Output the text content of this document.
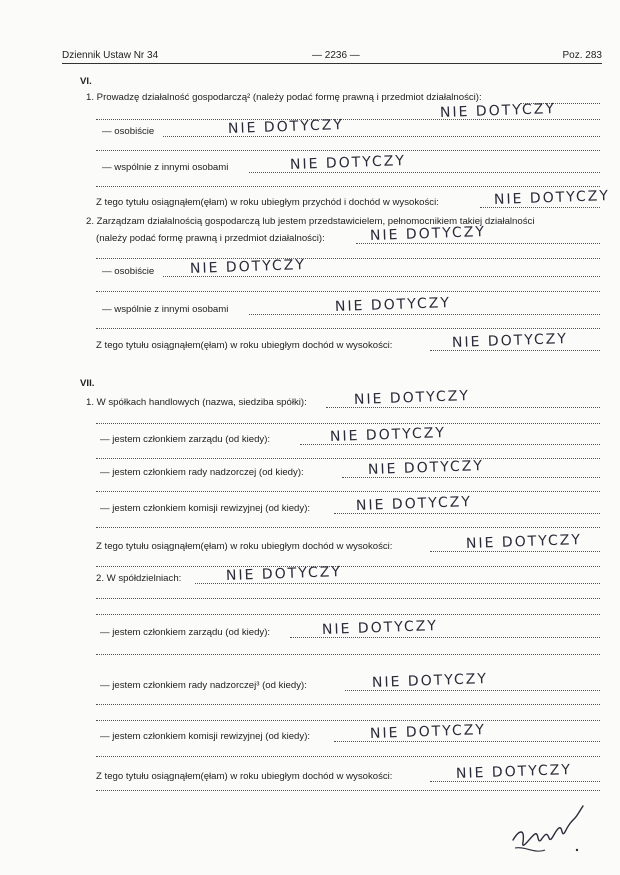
Dziennik Ustaw Nr 34	— 2236 —	Poz. 283
VI.
1. Prowadzę działalność gospodarczą² (należy podać formę prawną i przedmiot działalności):
NIE DOTYCZY
— osobiście	NIE DOTYCZY
— wspólnie z innymi osobami	NIE DOTYCZY
Z tego tytułu osiągnąłem(ęłam) w roku ubiegłym przychód i dochód w wysokości:	NIE DOTYCZY
2. Zarządzam działalnością gospodarczą lub jestem przedstawicielem, pełnomocnikiem takiej działalności
(należy podać formę prawną i przedmiot działalności):	NIE DOTYCZY
— osobiście	NIE DOTYCZY
— wspólnie z innymi osobami	NIE DOTYCZY
Z tego tytułu osiągnąłem(ęłam) w roku ubiegłym dochód w wysokości:	NIE DOTYCZY
VII.
1. W spółkach handlowych (nazwa, siedziba spółki):	NIE DOTYCZY
— jestem członkiem zarządu (od kiedy):	NIE DOTYCZY
— jestem członkiem rady nadzorczej (od kiedy):	NIE DOTYCZY
— jestem członkiem komisji rewizyjnej (od kiedy):	NIE DOTYCZY
Z tego tytułu osiągnąłem(ęłam) w roku ubiegłym dochód w wysokości:	NIE DOTYCZY
2. W spółdzielniach:	NIE DOTYCZY
— jestem członkiem zarządu (od kiedy):	NIE DOTYCZY
— jestem członkiem rady nadzorczej³ (od kiedy):	NIE DOTYCZY
— jestem członkiem komisji rewizyjnej (od kiedy):	NIE DOTYCZY
Z tego tytułu osiągnąłem(ęłam) w roku ubiegłym dochód w wysokości:	NIE DOTYCZY
